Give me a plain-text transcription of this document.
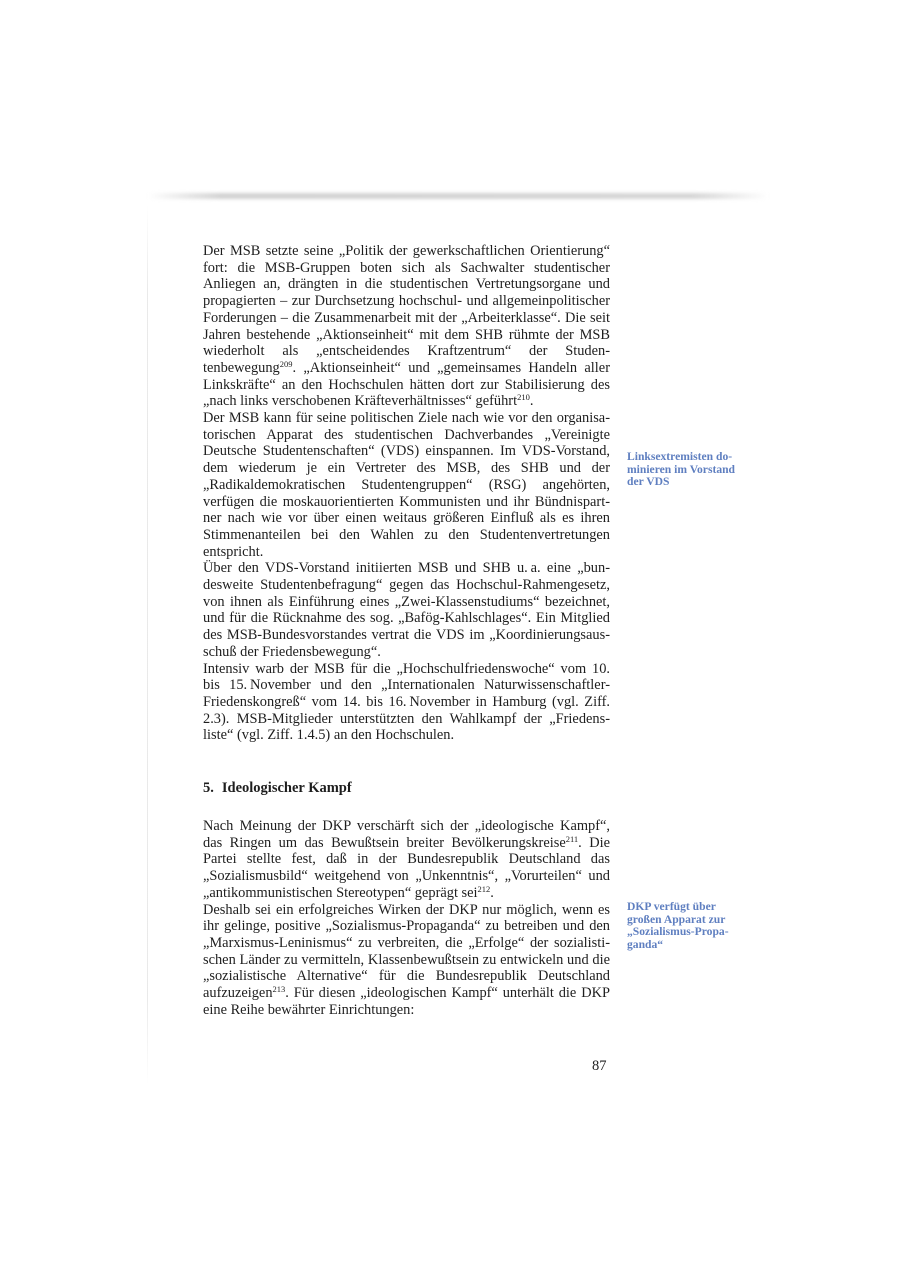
Der MSB setzte seine „Politik der gewerkschaftlichen Orientierung“ fort: die MSB-Gruppen boten sich als Sachwalter studentischer Anliegen an, drängten in die studentischen Vertretungsorgane und propagierten – zur Durchsetzung hochschul- und allgemeinpolitischer Forderungen – die Zusammenarbeit mit der „Arbeiterklasse“. Die seit Jahren bestehende „Aktionseinheit“ mit dem SHB rühmte der MSB wiederholt als „entscheidendes Kraftzentrum“ der Studentenbewegung$^{209}$. „Aktionseinheit“ und „gemeinsames Handeln aller Linkskräfte“ an den Hochschulen hätten dort zur Stabilisierung des „nach links verschobenen Kräfteverhältnisses“ geführt$^{210}$.

Der MSB kann für seine politischen Ziele nach wie vor den organisatorischen Apparat des studentischen Dachverbandes „Vereinigte Deutsche Studentenschaften“ (VDS) einspannen. Im VDS-Vorstand, dem wiederum je ein Vertreter des MSB, des SHB und der „Radikaldemokratischen Studentengruppen“ (RSG) angehörten, verfügen die moskauorientierten Kommunisten und ihr Bündnispartner nach wie vor über einen weitaus größeren Einfluß als es ihren Stimmenanteilen bei den Wahlen zu den Studentenvertretungen entspricht.

Über den VDS-Vorstand initiierten MSB und SHB u. a. eine „bundesweite Studentenbefragung“ gegen das Hochschul-Rahmengesetz, von ihnen als Einführung eines „Zwei-Klassenstudiums“ bezeichnet, und für die Rücknahme des sog. „Bafög-Kahlschlages“. Ein Mitglied des MSB-Bundesvorstandes vertrat die VDS im „Koordinierungsausschuß der Friedensbewegung“.

Intensiv warb der MSB für die „Hochschulfriedenswoche“ vom 10. bis 15. November und den „Internationalen Naturwissenschaftler-Friedenskongreß“ vom 14. bis 16. November in Hamburg (vgl. Ziff. 2.3). MSB-Mitglieder unterstützten den Wahlkampf der „Friedensliste“ (vgl. Ziff. 1.4.5) an den Hochschulen.

5. Ideologischer Kampf

Nach Meinung der DKP verschärft sich der „ideologische Kampf“, das Ringen um das Bewußtsein breiter Bevölkerungskreise$^{211}$. Die Partei stellte fest, daß in der Bundesrepublik Deutschland das „Sozialismusbild“ weitgehend von „Unkenntnis“, „Vorurteilen“ und „antikommunistischen Stereotypen“ geprägt sei$^{212}$.

Deshalb sei ein erfolgreiches Wirken der DKP nur möglich, wenn es ihr gelinge, positive „Sozialismus-Propaganda“ zu betreiben und den „Marxismus-Leninismus“ zu verbreiten, die „Erfolge“ der sozialistischen Länder zu vermitteln, Klassenbewußtsein zu entwickeln und die „sozialistische Alternative“ für die Bundesrepublik Deutschland aufzuzeigen$^{213}$. Für diesen „ideologischen Kampf“ unterhält die DKP eine Reihe bewährter Einrichtungen:

Linksextremisten dominieren im Vorstand der VDS

DKP verfügt über großen Apparat zur „Sozialismus-Propaganda“

87
